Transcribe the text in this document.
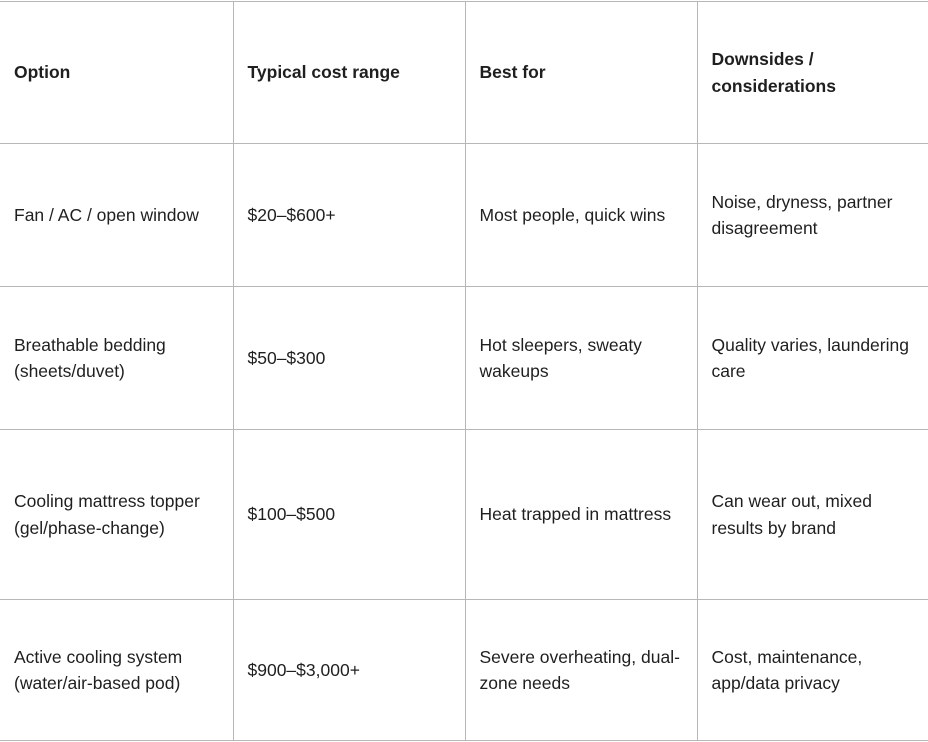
Option	Typical cost range	Best for	Downsides / considerations
Fan / AC / open window	$20–$600+	Most people, quick wins	Noise, dryness, partner disagreement
Breathable bedding (sheets/duvet)	$50–$300	Hot sleepers, sweaty wakeups	Quality varies, laundering care
Cooling mattress topper (gel/phase-change)	$100–$500	Heat trapped in mattress	Can wear out, mixed results by brand
Active cooling system (water/air-based pod)	$900–$3,000+	Severe overheating, dual-zone needs	Cost, maintenance, app/data privacy
